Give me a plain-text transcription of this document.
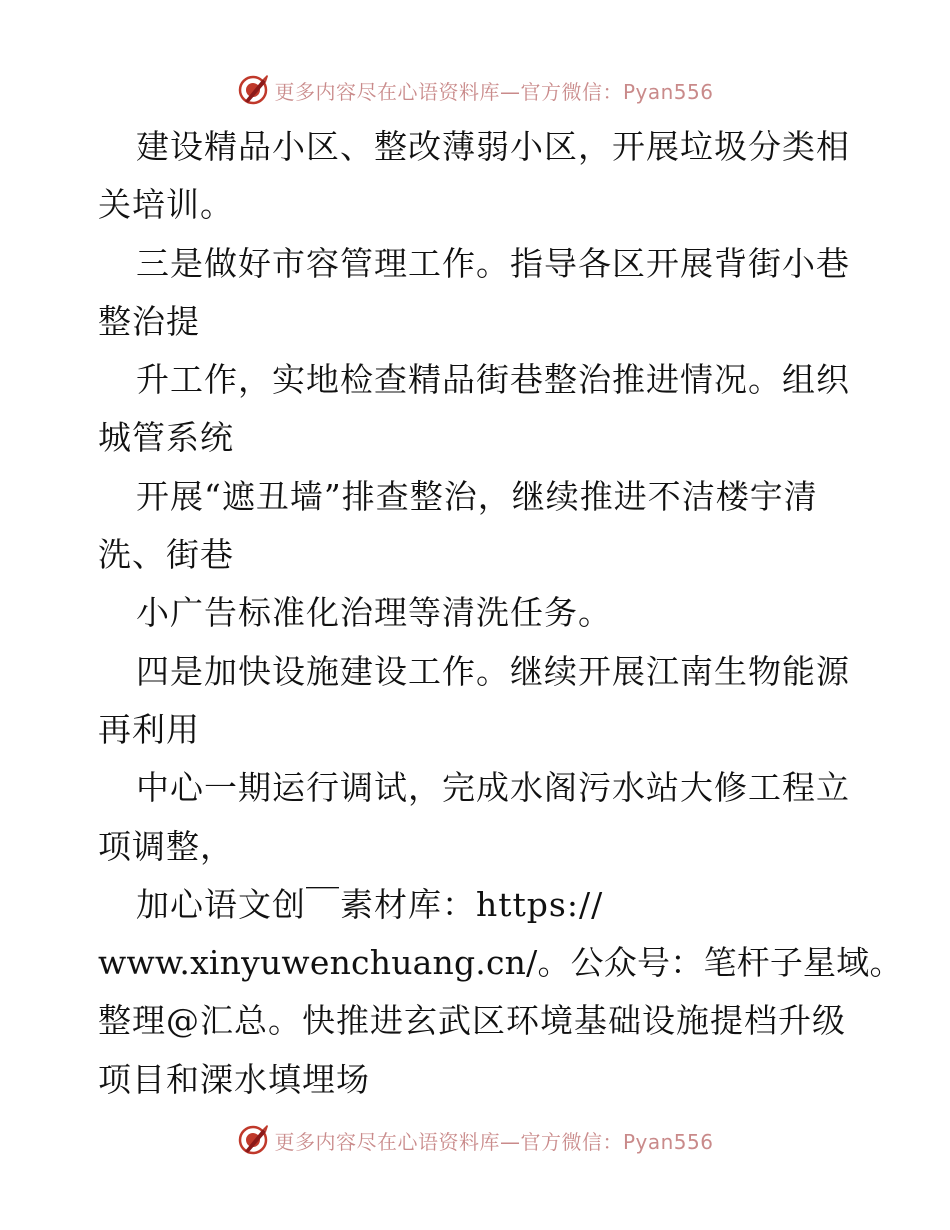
更多内容尽在心语资料库—官方微信：Pyan556
建设精品小区、整改薄弱小区，开展垃圾分类相
关培训。
三是做好市容管理工作。指导各区开展背街小巷
整治提
升工作，实地检查精品街巷整治推进情况。组织
城管系统
开展“遮丑墙”排查整治，继续推进不洁楼宇清
洗、街巷
小广告标准化治理等清洗任务。
四是加快设施建设工作。继续开展江南生物能源
再利用
中心一期运行调试，完成水阁污水站大修工程立
项调整，
加心语文创￣素材库：https://
www.xinyuwenchuang.cn/。公众号：笔杆子星域。
整理@汇总。快推进玄武区环境基础设施提档升级
项目和溧水填埋场
更多内容尽在心语资料库—官方微信：Pyan556
